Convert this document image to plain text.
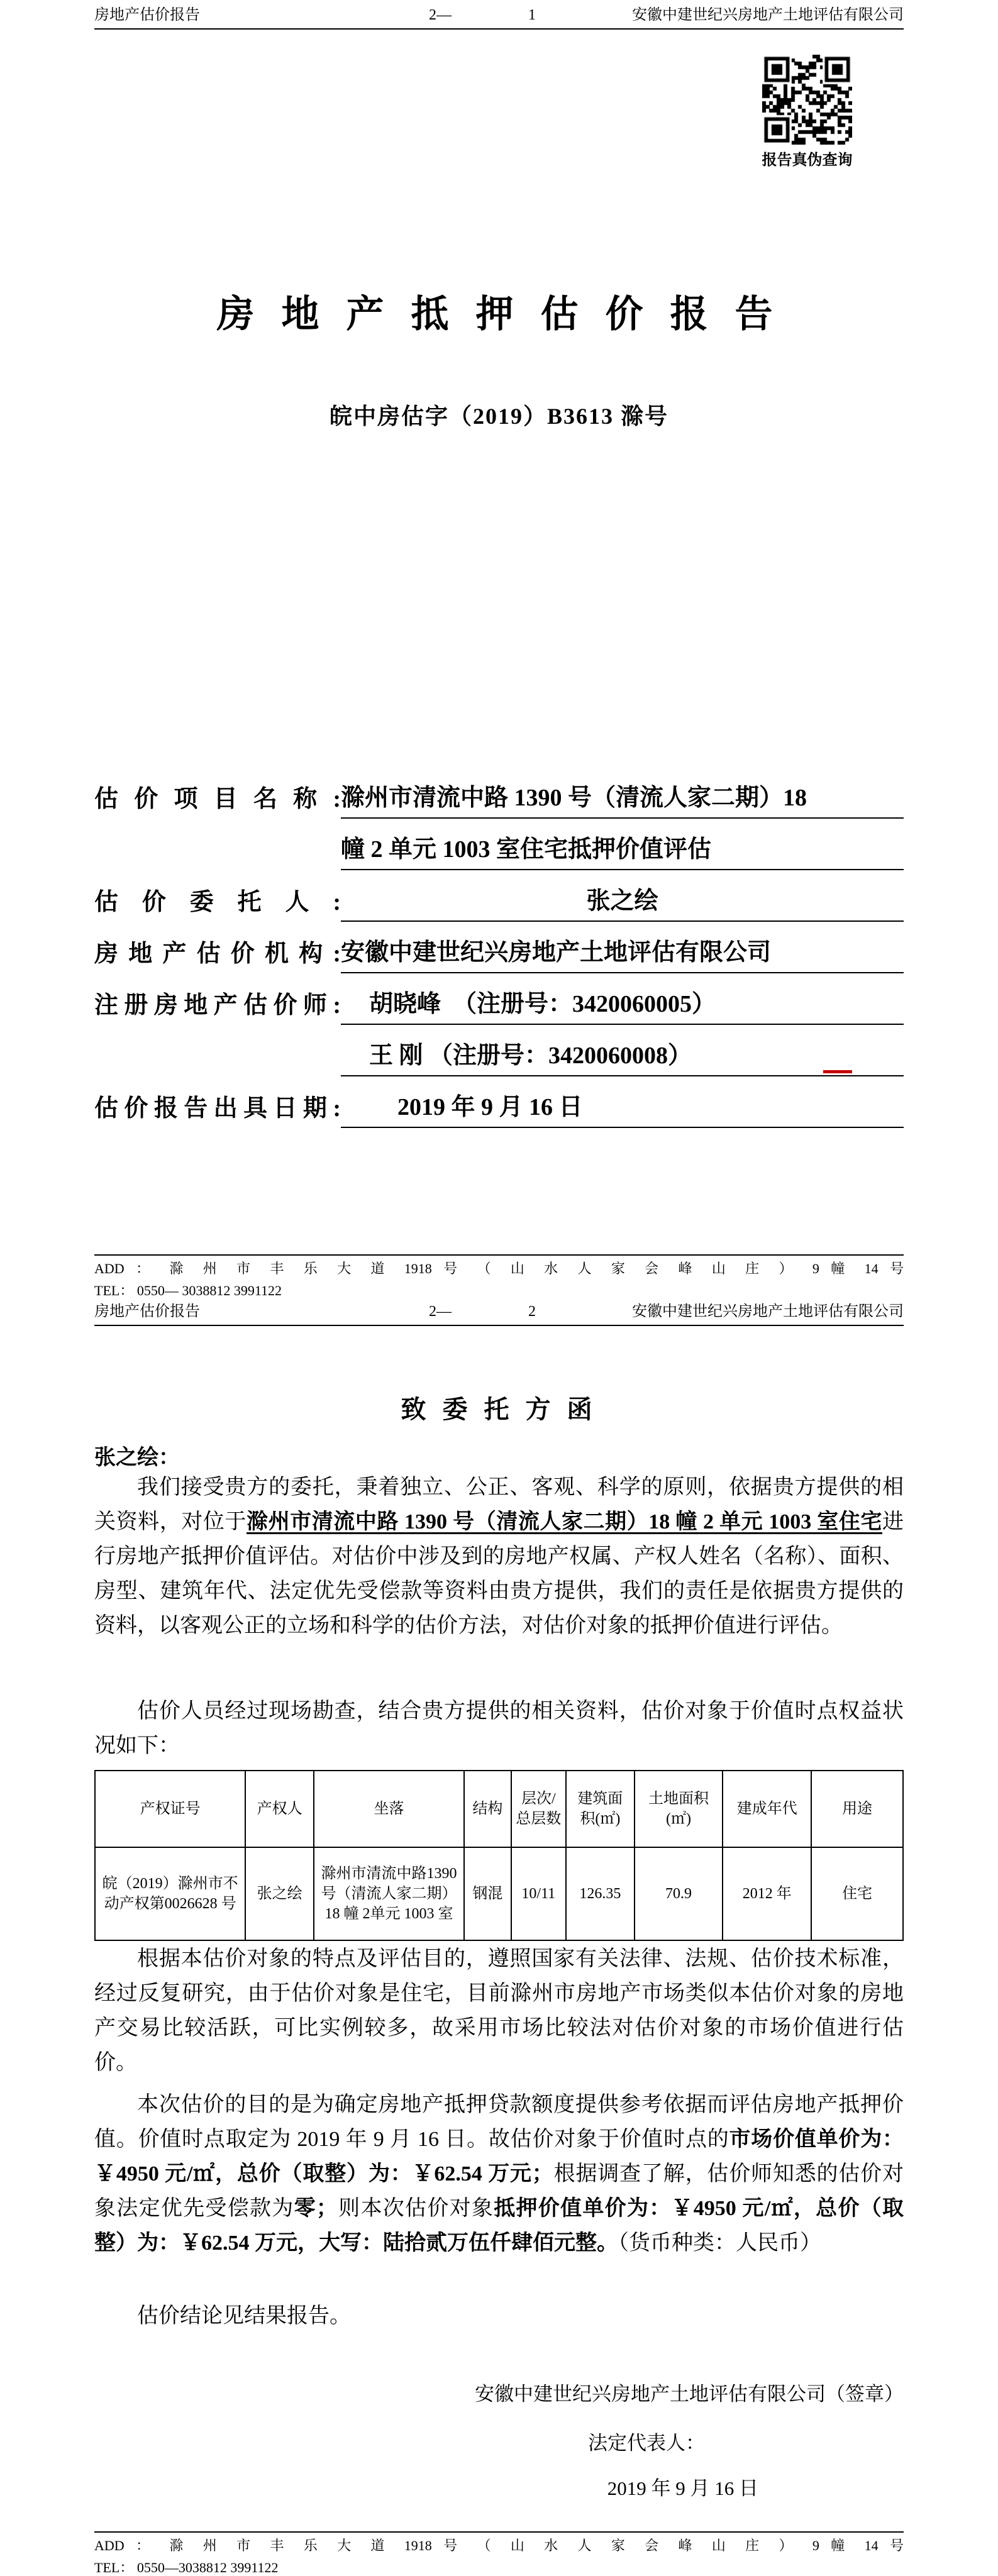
房地产估价报告	2—	1	安徽中建世纪兴房地产土地评估有限公司
报告真伪查询
房 地 产 抵 押 估 价 报 告
皖中房估字（2019）B3613 滁号
估价项目名称: 滁州市清流中路 1390 号（清流人家二期）18
幢 2 单元 1003 室住宅抵押价值评估
估价委托人:	张之绘
房地产估价机构: 安徽中建世纪兴房地产土地评估有限公司
注册房地产估价师:	胡晓峰　（注册号：3420060005）
王 刚 （注册号：3420060008）
估价报告出具日期:	2019 年 9 月 16 日
ADD ： 滁 州 市 丰 乐 大 道 1918 号 （ 山 水 人 家 会 峰 山 庄 ） 9 幢 14 号
TEL： 0550— 3038812 3991122
房地产估价报告	2—	2	安徽中建世纪兴房地产土地评估有限公司
致 委 托 方 函
张之绘：

我们接受贵方的委托，秉着独立、公正、客观、科学的原则，依据贵方提供的相关资料，对位于滁州市清流中路 1390 号（清流人家二期）18 幢 2 单元 1003 室住宅进行房地产抵押价值评估。对估价中涉及到的房地产权属、产权人姓名（名称）、面积、房型、建筑年代、法定优先受偿款等资料由贵方提供，我们的责任是依据贵方提供的资料，以客观公正的立场和科学的估价方法，对估价对象的抵押价值进行评估。

估价人员经过现场勘查，结合贵方提供的相关资料，估价对象于价值时点权益状况如下：

产权证号	产权人	坐落	结构	层次/总层数	建筑面积(㎡)	土地面积(㎡)	建成年代	用途
皖（2019）滁州市不动产权第0026628 号	张之绘	滁州市清流中路1390 号（清流人家二期）18 幢 2单元 1003 室	钢混	10/11	126.35	70.9	2012 年	住宅

根据本估价对象的特点及评估目的，遵照国家有关法律、法规、估价技术标准，经过反复研究，由于估价对象是住宅，目前滁州市房地产市场类似本估价对象的房地产交易比较活跃，可比实例较多，故采用市场比较法对估价对象的市场价值进行估价。

本次估价的目的是为确定房地产抵押贷款额度提供参考依据而评估房地产抵押价值。价值时点取定为 2019 年 9 月 16 日。故估价对象于价值时点的市场价值单价为：￥4950 元/㎡，总价（取整）为：￥62.54 万元；根据调查了解，估价师知悉的估价对象法定优先受偿款为零；则本次估价对象抵押价值单价为：￥4950 元/㎡，总价（取整）为：￥62.54 万元，大写：陆拾贰万伍仟肆佰元整。（货币种类：人民币）

估价结论见结果报告。

安徽中建世纪兴房地产土地评估有限公司（签章）
法定代表人：
2019 年 9 月 16 日
ADD ： 滁 州 市 丰 乐 大 道 1918 号 （ 山 水 人 家 会 峰 山 庄 ） 9 幢 14 号
TEL： 0550—3038812 3991122
